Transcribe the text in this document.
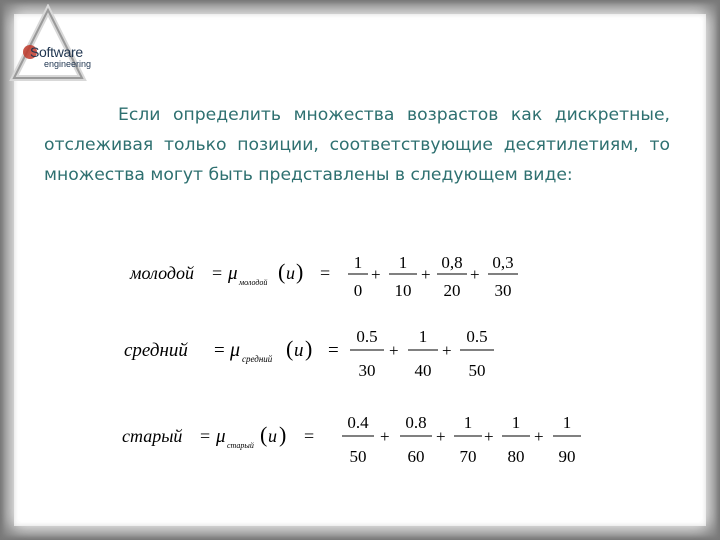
Software
engineering

Если определить множества возрастов как дискретные, отслеживая только позиции, соответствующие десятилетиям, то множества могут быть представлены в следующем виде:

молодой = μ молодой ( u ) =
1
0
+
1
10
+
0,8
20
+
0,3
30
средний = μ средний ( u ) =
0.5
30
+
1
40
+
0.5
50
старый = μ старый ( u ) =
0.4
50
+
0.8
60
+
1
70
+
1
80
+
1
90
